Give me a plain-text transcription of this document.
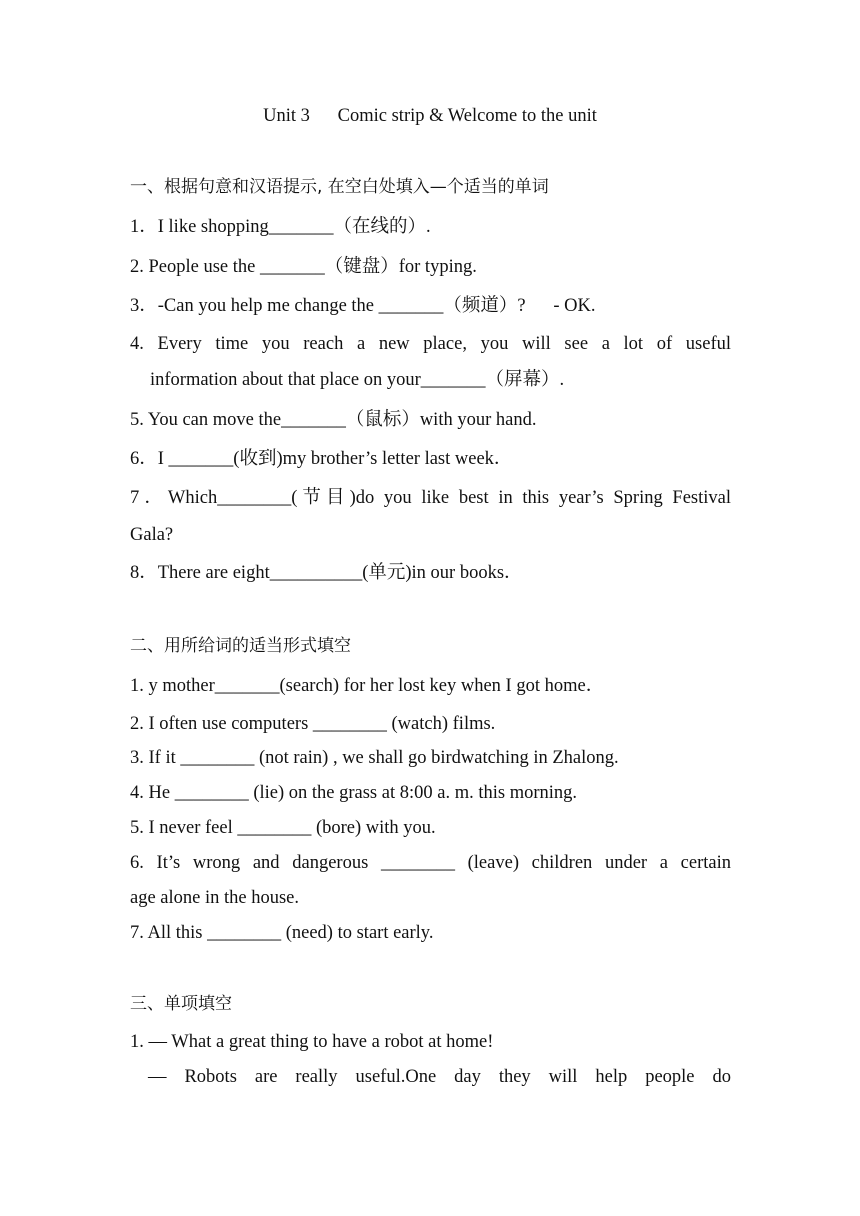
Unit 3      Comic strip & Welcome to the unit
一、根据句意和汉语提示, 在空白处填入—个适当的单词
1．I like shopping_______（在线的）.
2. People use the _______（键盘）for typing.
3．-Can you help me change the _______（频道）?      - OK.
4. Every time you reach a new place, you will see a lot of useful
information about that place on your_______（屏幕）.
5. You can move the_______（鼠标）with your hand.
6．I _______(收到)my brother’s letter last week．
7．Which________(节目)do you like best in this year’s Spring Festival
Gala?
8．There are eight__________(单元)in our books．
二、用所给词的适当形式填空
1. y mother_______(search) for her lost key when I got home．
2. I often use computers ________ (watch) films.
3. If it ________ (not rain) , we shall go birdwatching in Zhalong.
4. He ________ (lie) on the grass at 8:00 a. m. this morning.
5. I never feel ________ (bore) with you.
6. It’s wrong and dangerous ________ (leave) children under a certain
age alone in the house.
7. All this ________ (need) to start early.
三、单项填空
1. — What a great thing to have a robot at home!
— Robots are really useful.One day they will help people do
